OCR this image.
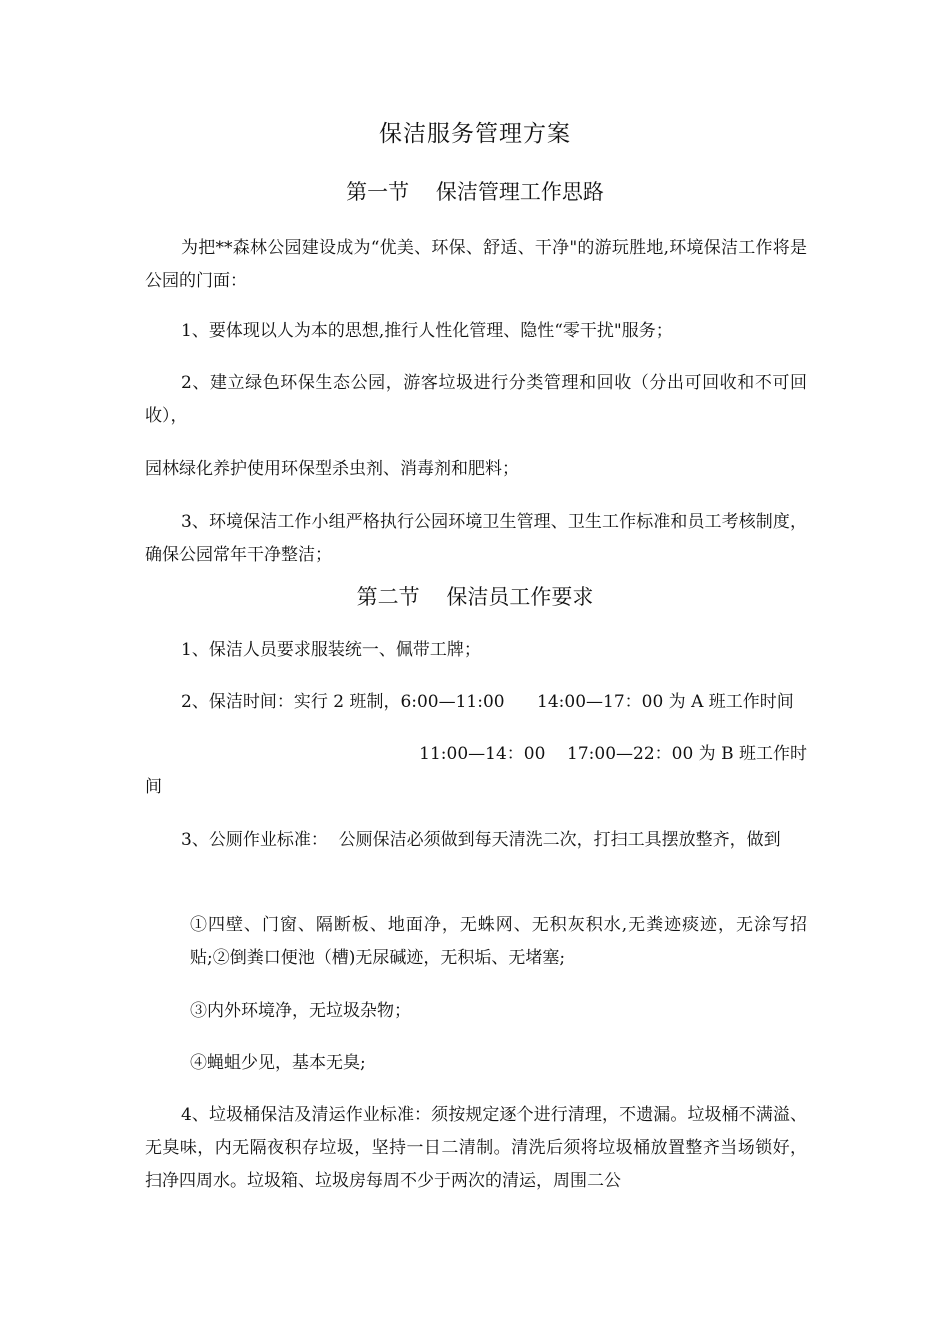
保洁服务管理方案
第一节    保洁管理工作思路
为把**森林公园建设成为“优美、环保、舒适、干净"的游玩胜地,环境保洁工作将是公园的门面：
1、要体现以人为本的思想,推行人性化管理、隐性“零干扰"服务；
2、建立绿色环保生态公园，游客垃圾进行分类管理和回收（分出可回收和不可回收），
园林绿化养护使用环保型杀虫剂、消毒剂和肥料；
3、环境保洁工作小组严格执行公园环境卫生管理、卫生工作标准和员工考核制度，确保公园常年干净整洁；
第二节    保洁员工作要求
1、保洁人员要求服装统一、佩带工牌；
2、保洁时间：实行 2 班制，6:00—11:00      14:00—17：00 为 A 班工作时间
11:00—14：00    17:00—22：00 为 B 班工作时
间
3、公厕作业标准：  公厕保洁必须做到每天清洗二次，打扫工具摆放整齐，做到
①四壁、门窗、隔断板、地面净，无蛛网、无积灰积水,无粪迹痰迹，无涂写招贴;②倒粪口便池（槽)无尿碱迹，无积垢、无堵塞;
③内外环境净，无垃圾杂物；
④蝇蛆少见，基本无臭;
4、垃圾桶保洁及清运作业标准：须按规定逐个进行清理，不遗漏。垃圾桶不满溢、无臭味，内无隔夜积存垃圾，坚持一日二清制。清洗后须将垃圾桶放置整齐当场锁好，扫净四周水。垃圾箱、垃圾房每周不少于两次的清运，周围二公
